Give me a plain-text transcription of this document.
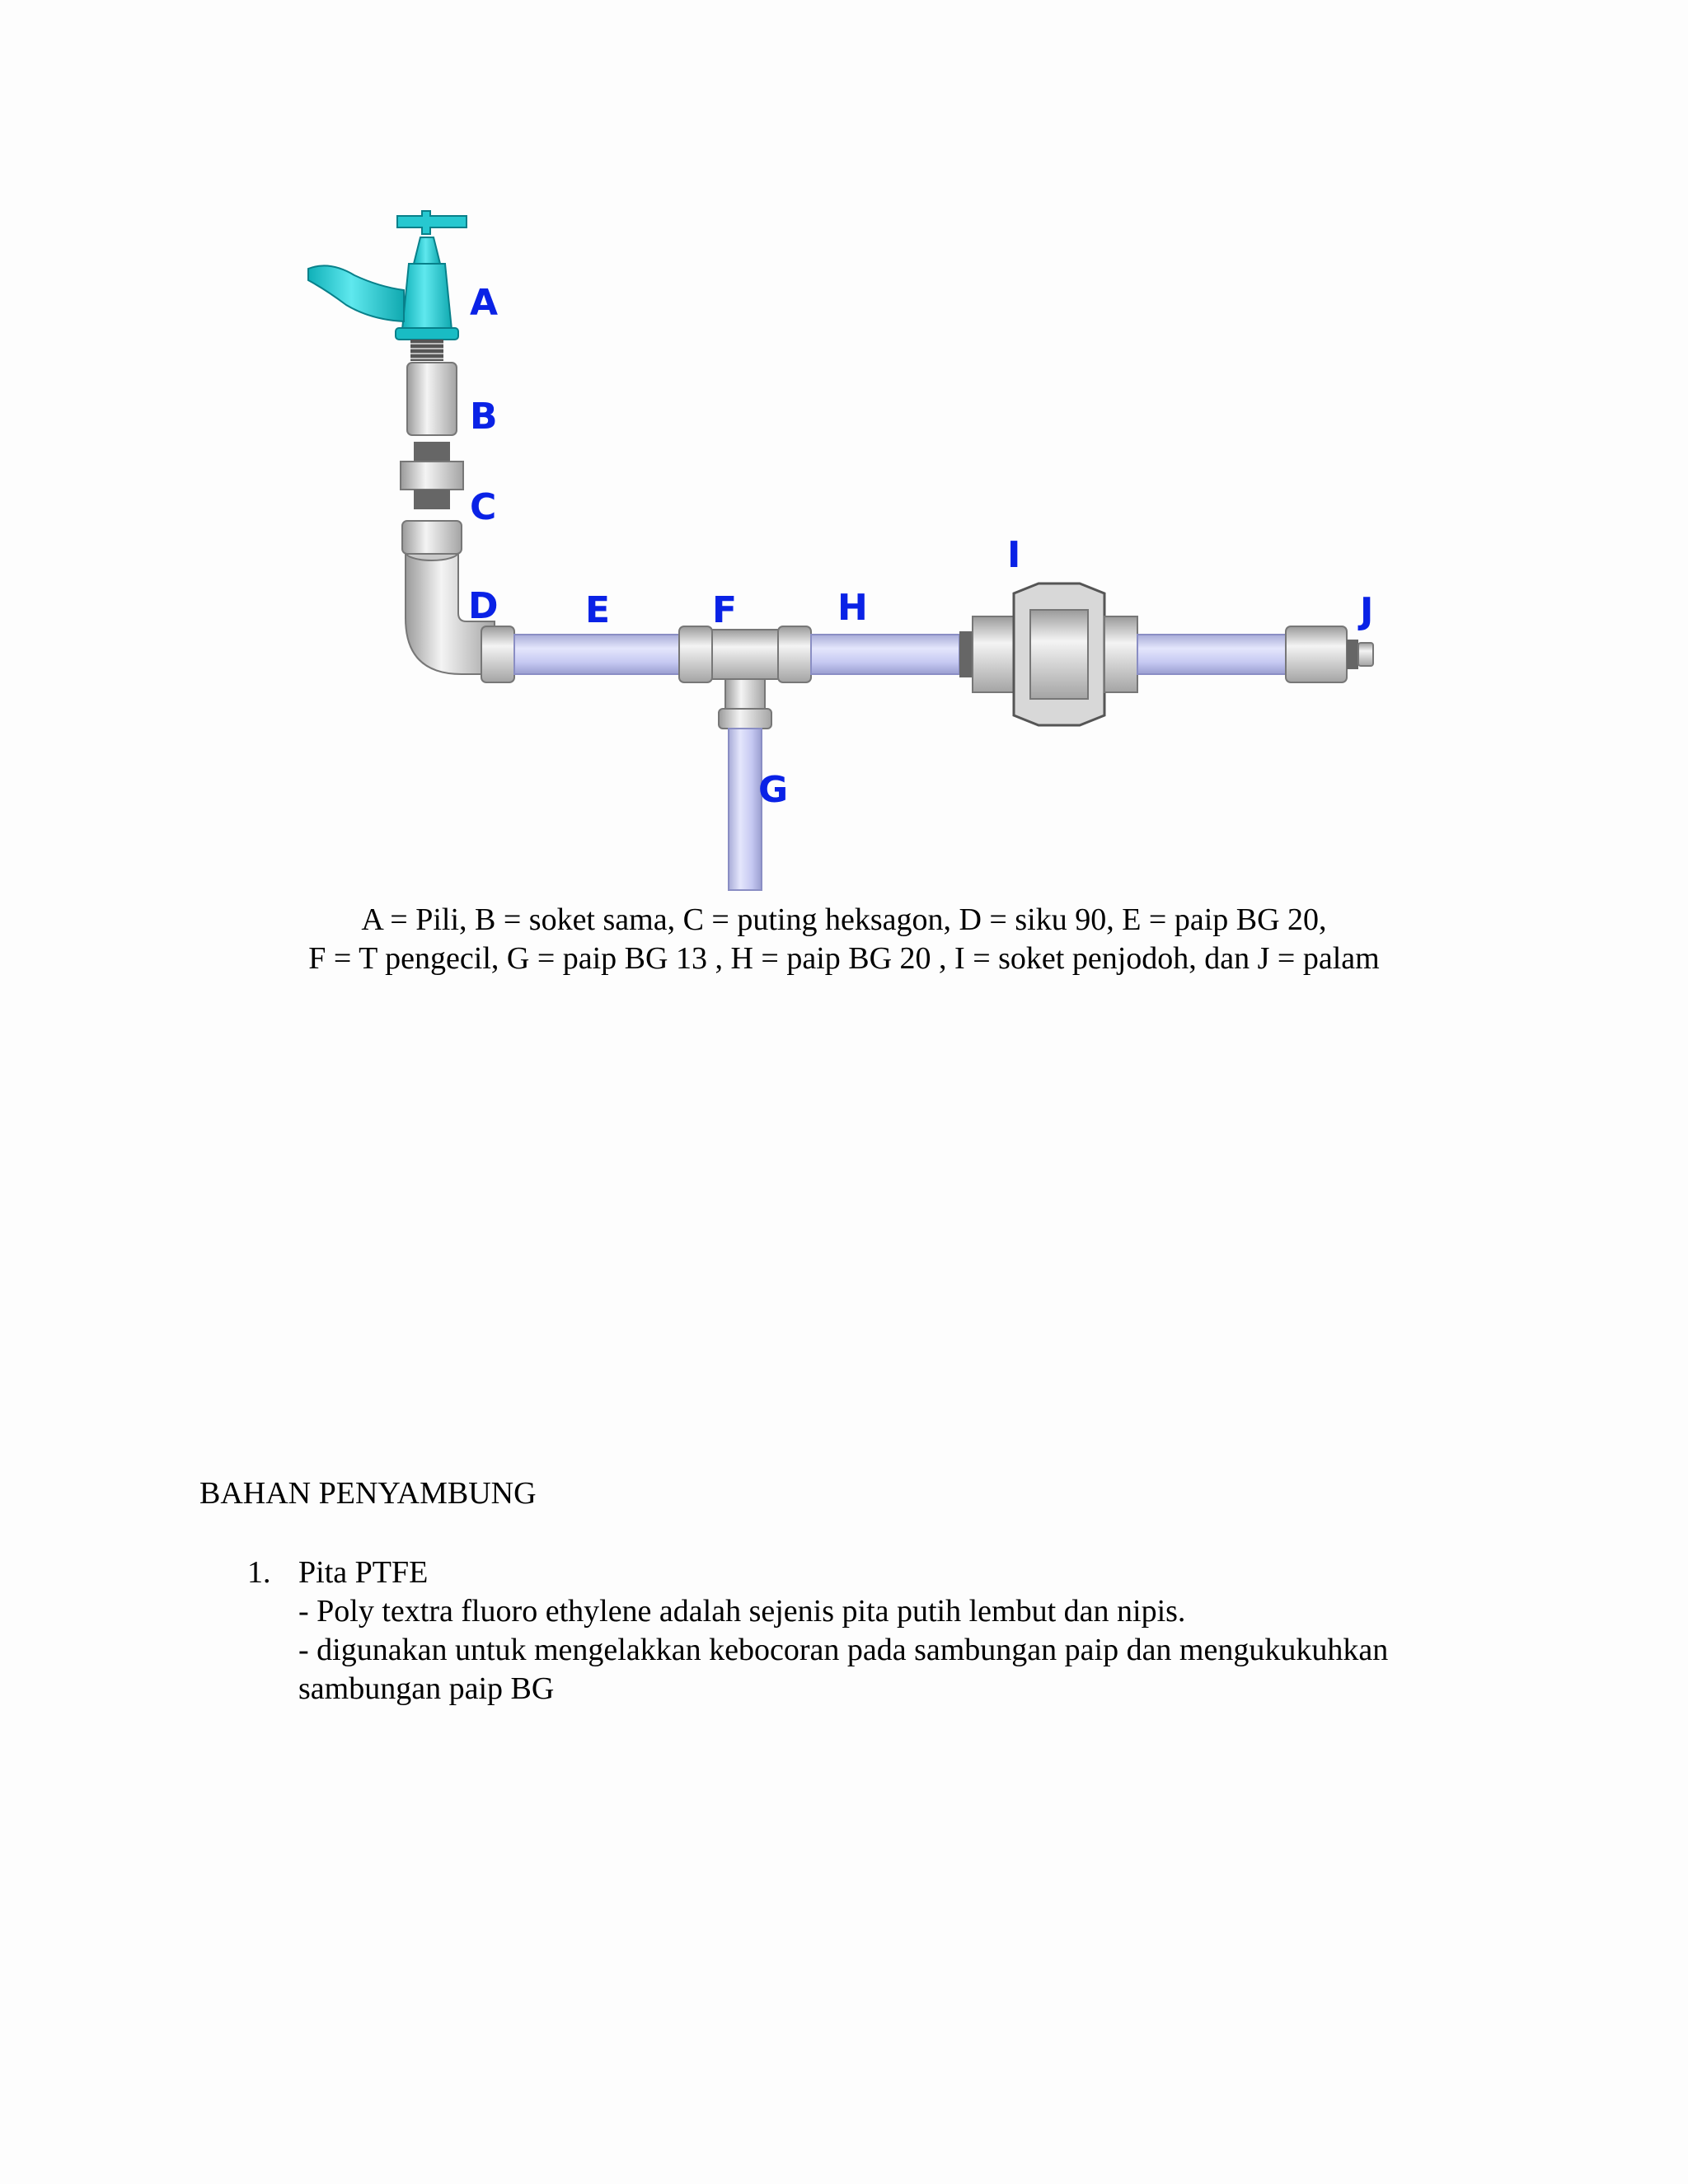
A
B
C
D E	F
G
H
I
J
A = Pili, B = soket sama, C = puting heksagon, D = siku 90, E = paip BG 20,
F = T pengecil, G = paip BG 13 , H = paip BG 20 , I = soket penjodoh, dan J = palam
BAHAN PENYAMBUNG
1. Pita PTFE
- Poly textra fluoro ethylene adalah sejenis pita putih lembut dan nipis.
- digunakan untuk mengelakkan kebocoran pada sambungan paip dan mengukukuhkan
sambungan paip BG
